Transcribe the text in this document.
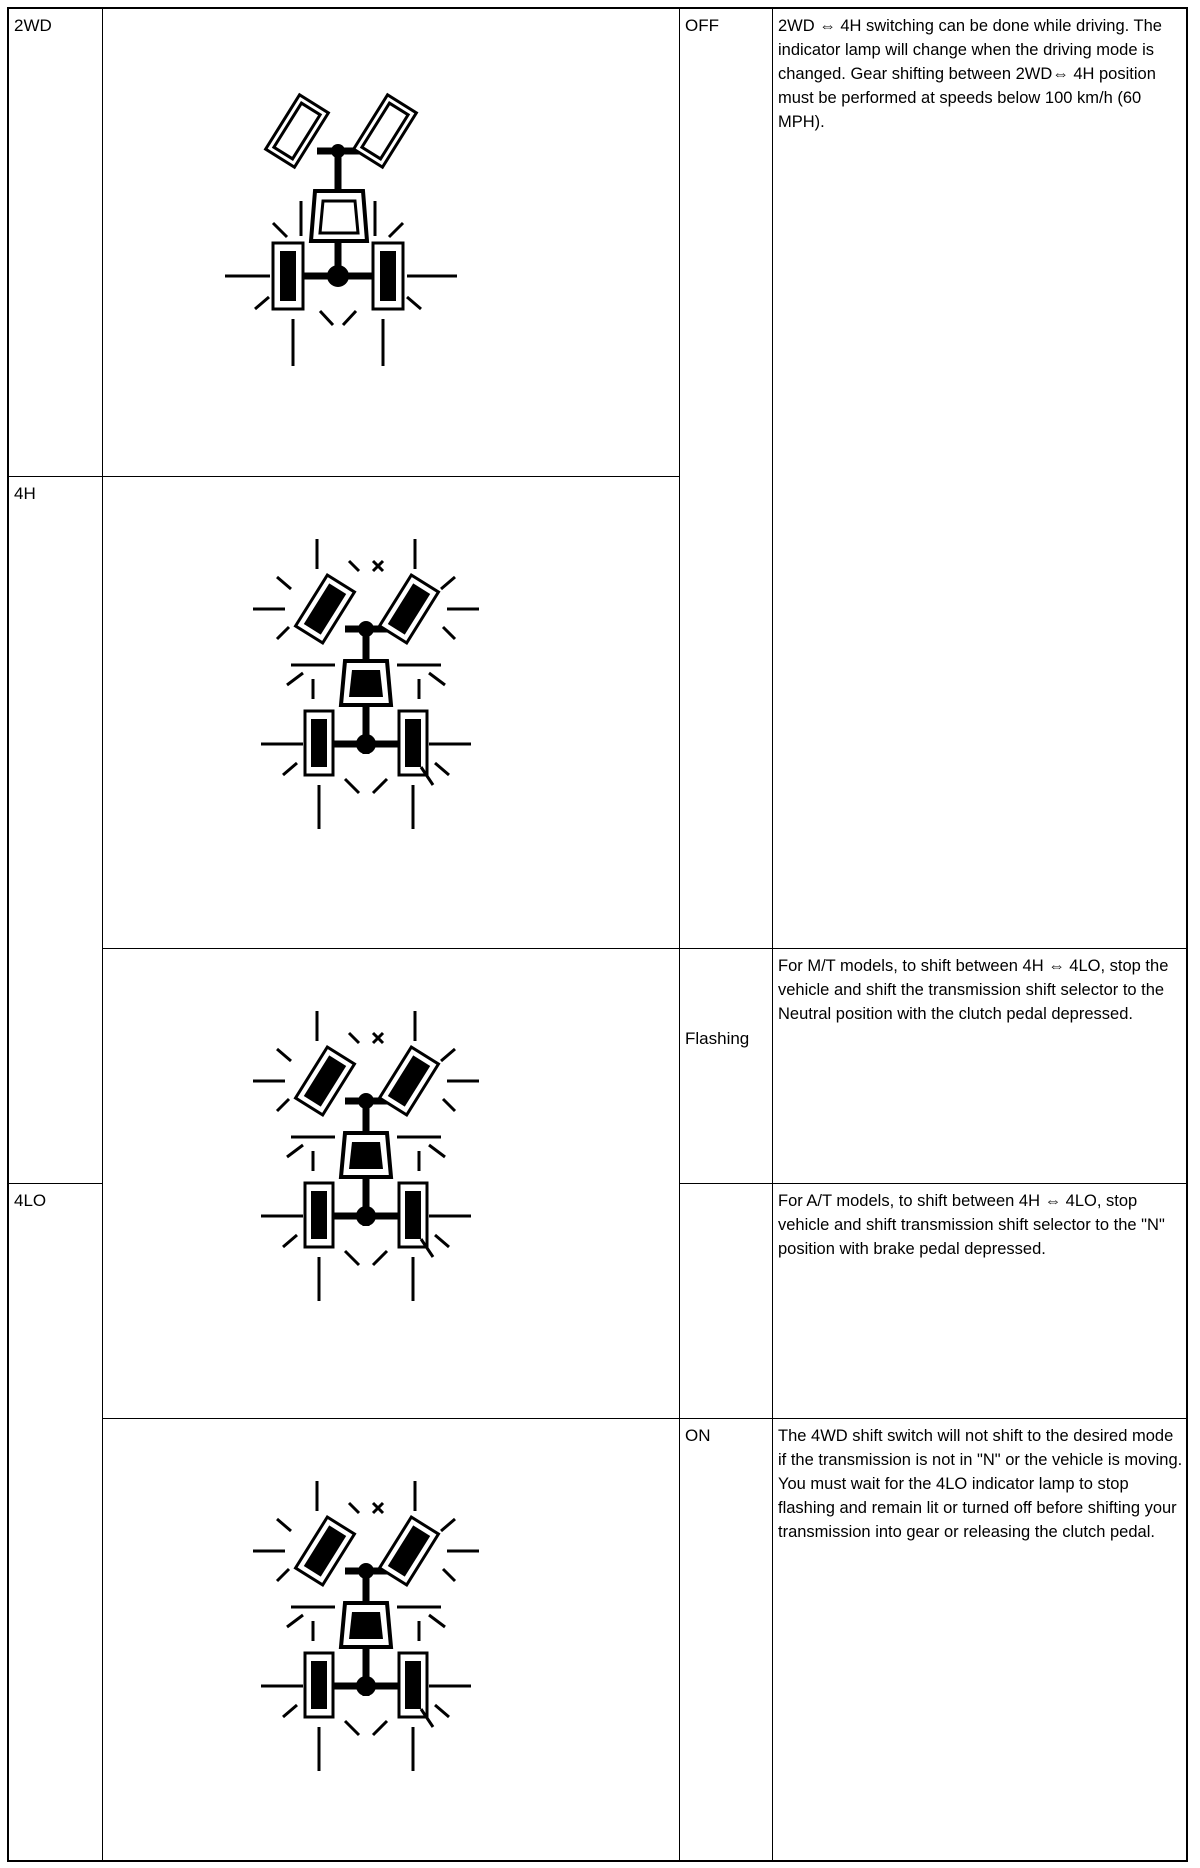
2WD
4H
4LO
OFF
Flashing
ON
2WD ⇔ 4H switching can be done while driving. The indicator lamp will change when the driving mode is changed. Gear shifting between 2WD⇔ 4H position must be performed at speeds below 100 km/h (60 MPH).
For M/T models, to shift between 4H ⇔ 4LO, stop the vehicle and shift the transmission shift selector to the Neutral position with the clutch pedal depressed.
For A/T models, to shift between 4H ⇔ 4LO, stop vehicle and shift transmission shift selector to the "N" position with brake pedal depressed.
The 4WD shift switch will not shift to the desired mode if the transmission is not in "N" or the vehicle is moving.
You must wait for the 4LO indicator lamp to stop flashing and remain lit or turned off before shifting your transmission into gear or releasing the clutch pedal.
